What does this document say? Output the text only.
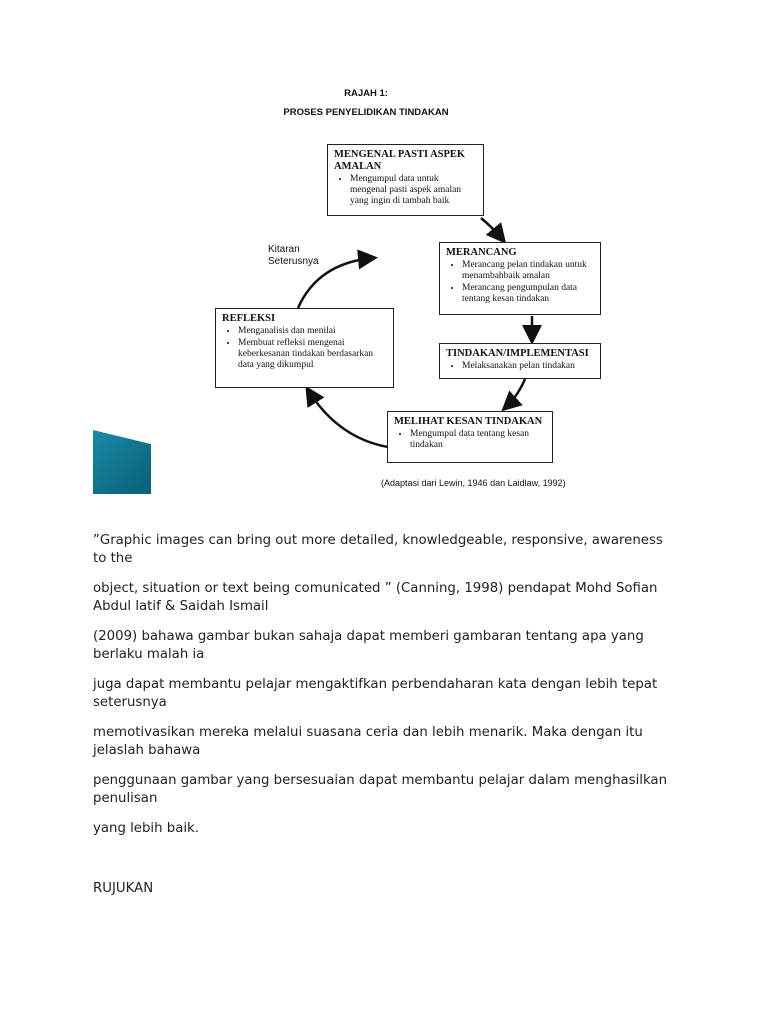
RAJAH 1:
PROSES PENYELIDIKAN TINDAKAN
MENGENAL PASTI ASPEK
AMALAN
• Mengumpul data untuk mengenal pasti aspek amalan yang ingin di tambah baik
MERANCANG
• Merancang pelan tindakan untuk menambahbaik amalan
• Merancang pengumpulan data tentang kesan tindakan
TINDAKAN/IMPLEMENTASI
• Melaksanakan pelan tindakan
MELIHAT KESAN TINDAKAN
• Mengumpul data tentang kesan tindakan
REFLEKSI
• Menganalisis dan menilai
• Membuat refleksi mengenai keberkesanan tindakan berdasarkan data yang dikumpul
Kitaran
Seterusnya
(Adaptasi dari Lewin, 1946 dan Laidlaw, 1992)

”Graphic images can bring out more detailed, knowledgeable, responsive, awareness to the

object, situation or text being comunicated ” (Canning, 1998) pendapat Mohd Sofian Abdul latif & Saidah Ismail

(2009) bahawa gambar bukan sahaja dapat memberi gambaran tentang apa yang berlaku malah ia

juga dapat membantu pelajar mengaktifkan perbendaharan kata dengan lebih tepat seterusnya

memotivasikan mereka melalui suasana ceria dan lebih menarik. Maka dengan itu jelaslah bahawa

penggunaan gambar yang bersesuaian dapat membantu pelajar dalam menghasilkan penulisan

yang lebih baik.

RUJUKAN
